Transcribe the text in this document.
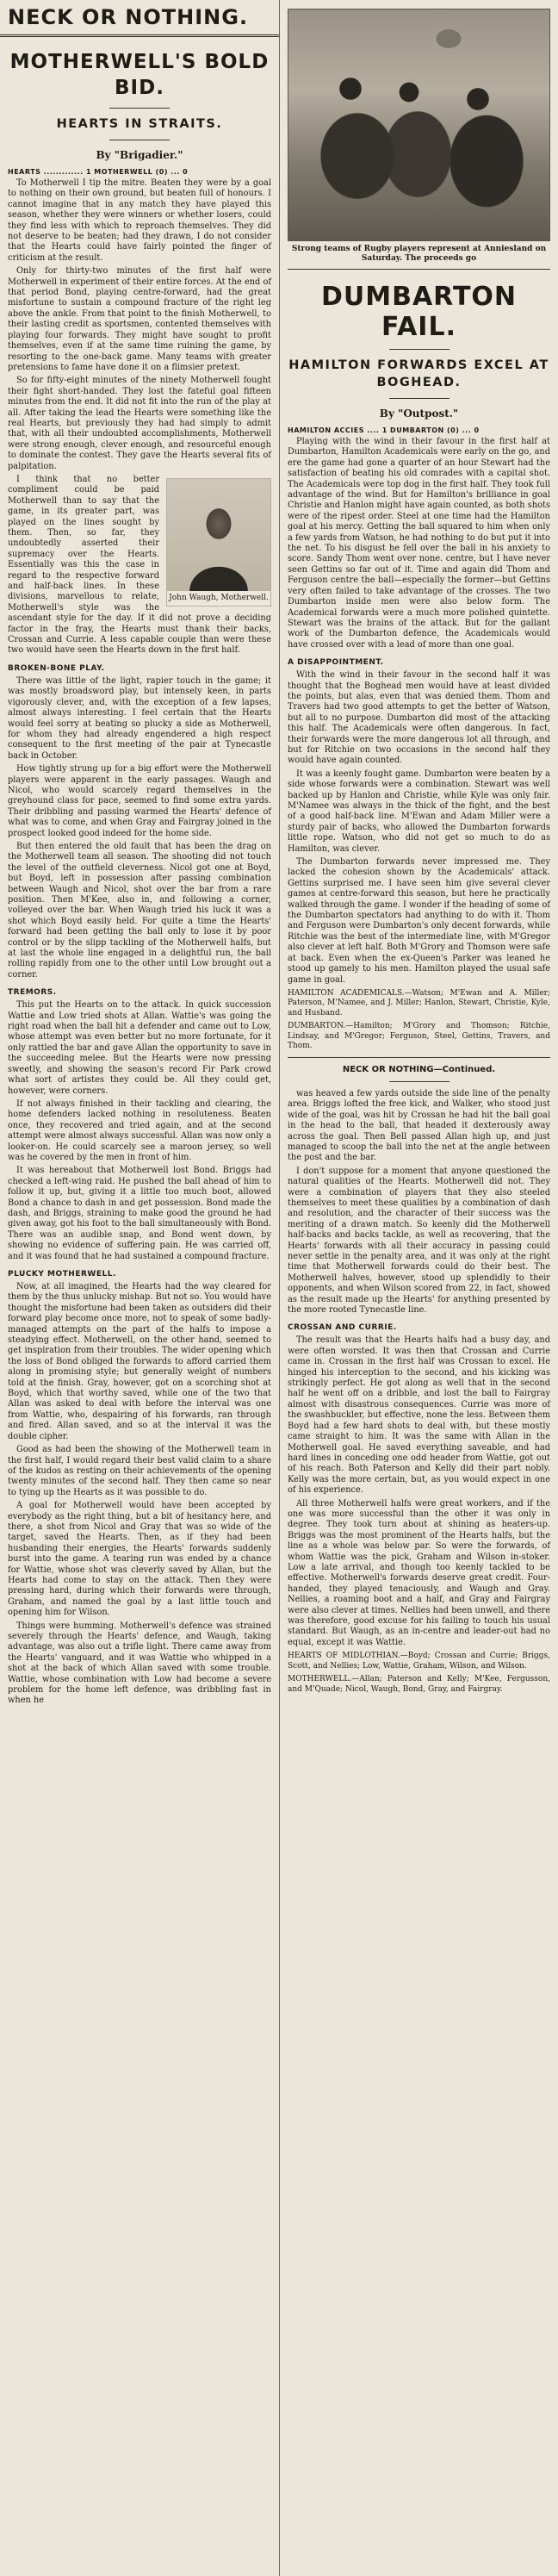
NECK OR NOTHING.
MOTHERWELL'S BOLD BID.
HEARTS IN STRAITS.
By "Brigadier."
HEARTS ............. 1 MOTHERWELL (0) ... 0

To Motherwell I tip the mitre. Beaten they were by a goal to nothing on their own ground, but beaten full of honours. I cannot imagine that in any match they have played this season, whether they were winners or whether losers, could they find less with which to reproach themselves. They did not deserve to be beaten; had they drawn, I do not consider that the Hearts could have fairly pointed the finger of criticism at the result.

Only for thirty-two minutes of the first half were Motherwell in experiment of their entire forces. At the end of that period Bond, playing centre-forward, had the great misfortune to sustain a compound fracture of the right leg above the ankle. From that point to the finish Motherwell, to their lasting credit as sportsmen, contented themselves with playing four forwards. They might have sought to profit themselves, even if at the same time ruining the game, by resorting to the one-back game. Many teams with greater pretensions to fame have done it on a flimsier pretext.

So for fifty-eight minutes of the ninety Motherwell fought their fight short-handed. They lost the fateful goal fifteen minutes from the end. It did not fit into the run of the play at all. After taking the lead the Hearts were something like the real Hearts, but previously they had had simply to admit that, with all their undoubted accomplishments, Motherwell were strong enough, clever enough, and resourceful enough to dominate the contest. They gave the Hearts several fits of palpitation.

John Waugh, Motherwell.

I think that no better compliment could be paid Motherwell than to say that the game, in its greater part, was played on the lines sought by them. Then, so far, they undoubtedly asserted their supremacy over the Hearts. Essentially was this the case in regard to the respective forward and half-back lines. In these divisions, marvellous to relate, Motherwell's style was the ascendant style for the day. If it did not prove a deciding factor in the fray, the Hearts must thank their backs, Crossan and Currie. A less capable couple than were these two would have seen the Hearts down in the first half.

BROKEN-BONE PLAY.

There was little of the light, rapier touch in the game; it was mostly broadsword play, but intensely keen, in parts vigorously clever, and, with the exception of a few lapses, almost always interesting. I feel certain that the Hearts would feel sorry at beating so plucky a side as Motherwell, for whom they had already engendered a high respect consequent to the first meeting of the pair at Tynecastle back in October.

How tightly strung up for a big effort were the Motherwell players were apparent in the early passages. Waugh and Nicol, who would scarcely regard themselves in the greyhound class for pace, seemed to find some extra yards. Their dribbling and passing warmed the Hearts' defence of what was to come, and when Gray and Fairgray joined in the prospect looked good indeed for the home side.

But then entered the old fault that has been the drag on the Motherwell team all season. The shooting did not touch the level of the outfield cleverness. Nicol got one at Boyd, but Boyd, left in possession after passing combination between Waugh and Nicol, shot over the bar from a rare position. Then M'Kee, also in, and following a corner, volleyed over the bar. When Waugh tried his luck it was a shot which Boyd easily held. For quite a time the Hearts' forward had been getting the ball only to lose it by poor control or by the slipp tackling of the Motherwell halfs, but at last the whole line engaged in a delightful run, the ball rolling rapidly from one to the other until Low brought out a corner.

TREMORS.

This put the Hearts on to the attack. In quick succession Wattie and Low tried shots at Allan. Wattie's was going the right road when the ball hit a defender and came out to Low, whose attempt was even better but no more fortunate, for it only rattled the bar and gave Allan the opportunity to save in the succeeding melee. But the Hearts were now pressing sweetly, and showing the season's record Fir Park crowd what sort of artistes they could be. All they could get, however, were corners.

If not always finished in their tackling and clearing, the home defenders lacked nothing in resoluteness. Beaten once, they recovered and tried again, and at the second attempt were almost always successful. Allan was now only a looker-on. He could scarcely see a maroon jersey, so well was he covered by the men in front of him.

It was hereabout that Motherwell lost Bond. Briggs had checked a left-wing raid. He pushed the ball ahead of him to follow it up, but, giving it a little too much boot, allowed Bond a chance to dash in and get possession. Bond made the dash, and Briggs, straining to make good the ground he had given away, got his foot to the ball simultaneously with Bond. There was an audible snap, and Bond went down, by showing no evidence of suffering pain. He was carried off, and it was found that he had sustained a compound fracture.

PLUCKY MOTHERWELL.

Now, at all imagined, the Hearts had the way cleared for them by the thus unlucky mishap. But not so. You would have thought the misfortune had been taken as outsiders did their forward play become once more, not to speak of some badly-managed attempts on the part of the halfs to impose a steadying effect. Motherwell, on the other hand, seemed to get inspiration from their troubles. The wider opening which the loss of Bond obliged the forwards to afford carried them along in promising style; but generally weight of numbers told at the finish. Gray, however, got on a scorching shot at Boyd, which that worthy saved, while one of the two that Allan was asked to deal with before the interval was one from Wattie, who, despairing of his forwards, ran through and fired. Allan saved, and so at the interval it was the double cipher.

Good as had been the showing of the Motherwell team in the first half, I would regard their best valid claim to a share of the kudos as resting on their achievements of the opening twenty minutes of the second half. They then came so near to tying up the Hearts as it was possible to do.

A goal for Motherwell would have been accepted by everybody as the right thing, but a bit of hesitancy here, and there, a shot from Nicol and Gray that was so wide of the target, saved the Hearts. Then, as if they had been husbanding their energies, the Hearts' forwards suddenly burst into the game. A tearing run was ended by a chance for Wattie, whose shot was cleverly saved by Allan, but the Hearts had come to stay on the attack. Then they were pressing hard, during which their forwards were through, Graham, and named the goal by a last little touch and opening him for Wilson.

Things were humming. Motherwell's defence was strained severely through the Hearts' defence, and Waugh, taking advantage, was also out a trifle light. There came away from the Hearts' vanguard, and it was Wattie who whipped in a shot at the back of which Allan saved with some trouble. Wattie, whose combination with Low had become a severe problem for the home left defence, was dribbling fast in when he

Strong teams of Rugby players represent at Anniesland on Saturday. The proceeds go
DUMBARTON FAIL.
HAMILTON FORWARDS EXCEL AT BOGHEAD.
By "Outpost."
HAMILTON ACCIES .... 1 DUMBARTON (0) ... 0

Playing with the wind in their favour in the first half at Dumbarton, Hamilton Academicals were early on the go, and ere the game had gone a quarter of an hour Stewart had the satisfaction of beating his old comrades with a capital shot. The Academicals were top dog in the first half. They took full advantage of the wind. But for Hamilton's brilliance in goal Christie and Hanlon might have again counted, as both shots were of the ripest order. Steel at one time had the Hamilton goal at his mercy. Getting the ball squared to him when only a few yards from Watson, he had nothing to do but put it into the net. To his disgust he fell over the ball in his anxiety to score. Sandy Thom went over none. centre, but I have never seen Gettins so far out of it. Time and again did Thom and Ferguson centre the ball—especially the former—but Gettins very often failed to take advantage of the crosses. The two Dumbarton inside men were also below form. The Academical forwards were a much more polished quintette. Stewart was the brains of the attack. But for the gallant work of the Dumbarton defence, the Academicals would have crossed over with a lead of more than one goal.

A DISAPPOINTMENT.

With the wind in their favour in the second half it was thought that the Boghead men would have at least divided the points, but alas, even that was denied them. Thom and Travers had two good attempts to get the better of Watson, but all to no purpose. Dumbarton did most of the attacking this half. The Academicals were often dangerous. In fact, their forwards were the more dangerous lot all through, and but for Ritchie on two occasions in the second half they would have again counted.

It was a keenly fought game. Dumbarton were beaten by a side whose forwards were a combination. Stewart was well backed up by Hanlon and Christie, while Kyle was only fair. M'Namee was always in the thick of the fight, and the best of a good half-back line. M'Ewan and Adam Miller were a sturdy pair of backs, who allowed the Dumbarton forwards little rope. Watson, who did not get so much to do as Hamilton, was clever.

The Dumbarton forwards never impressed me. They lacked the cohesion shown by the Academicals' attack. Gettins surprised me. I have seen him give several clever games at centre-forward this season, but here he practically walked through the game. I wonder if the heading of some of the Dumbarton spectators had anything to do with it. Thom and Ferguson were Dumbarton's only decent forwards, while Ritchie was the best of the intermediate line, with M'Gregor also clever at left half. Both M'Grory and Thomson were safe at back. Even when the ex-Queen's Parker was leaned he stood up gamely to his men. Hamilton played the usual safe game in goal.

HAMILTON ACADEMICALS.—Watson; M'Ewan and A. Miller; Paterson, M'Namee, and J. Miller; Hanlon, Stewart, Christie, Kyle, and Husband.

DUMBARTON.—Hamilton; M'Grory and Thomson; Ritchie, Lindsay, and M'Gregor; Ferguson, Steel, Gettins, Travers, and Thom.

NECK OR NOTHING—Continued.

was heaved a few yards outside the side line of the penalty area. Briggs lofted the free kick, and Walker, who stood just wide of the goal, was hit by Crossan he had hit the ball goal in the head to the ball, that headed it dexterously away across the goal. Then Bell passed Allan high up, and just managed to scoop the ball into the net at the angle between the post and the bar.

I don't suppose for a moment that anyone questioned the natural qualities of the Hearts. Motherwell did not. They were a combination of players that they also steeled themselves to meet these qualities by a combination of dash and resolution, and the character of their success was the meriting of a drawn match. So keenly did the Motherwell half-backs and backs tackle, as well as recovering, that the Hearts' forwards with all their accuracy in passing could never settle in the penalty area, and it was only at the right time that Motherwell forwards could do their best. The Motherwell halves, however, stood up splendidly to their opponents, and when Wilson scored from 22, in fact, showed as the result made up the Hearts' for anything presented by the more rooted Tynecastle line.

CROSSAN AND CURRIE.

The result was that the Hearts halfs had a busy day, and were often worsted. It was then that Crossan and Currie came in. Crossan in the first half was Crossan to excel. He hinged his interception to the second, and his kicking was strikingly perfect. He got along as well that in the second half he went off on a dribble, and lost the ball to Fairgray almost with disastrous consequences. Currie was more of the swashbuckler, but effective, none the less. Between them Boyd had a few hard shots to deal with, but these mostly came straight to him. It was the same with Allan in the Motherwell goal. He saved everything saveable, and had hard lines in conceding one odd header from Wattie, got out of his reach. Both Paterson and Kelly did their part nobly. Kelly was the more certain, but, as you would expect in one of his experience.

All three Motherwell halfs were great workers, and if the one was more successful than the other it was only in degree. They took turn about at shining as heaters-up. Briggs was the most prominent of the Hearts halfs, but the line as a whole was below par. So were the forwards, of whom Wattie was the pick, Graham and Wilson in-stoker. Low a late arrival, and though too keenly tackled to be effective. Motherwell's forwards deserve great credit. Four-handed, they played tenaciously, and Waugh and Gray. Nellies, a roaming boot and a half, and Gray and Fairgray were also clever at times. Nellies had been unwell, and there was therefore, good excuse for his failing to touch his usual standard. But Waugh, as an in-centre and leader-out had no equal, except it was Wattie.

HEARTS OF MIDLOTHIAN.—Boyd; Crossan and Currie; Briggs, Scott, and Nellies; Low, Wattie, Graham, Wilson, and Wilson.

MOTHERWELL.—Allan; Paterson and Kelly; M'Kee, Fergusson, and M'Quade; Nicol, Waugh, Bond, Gray, and Fairgray.
